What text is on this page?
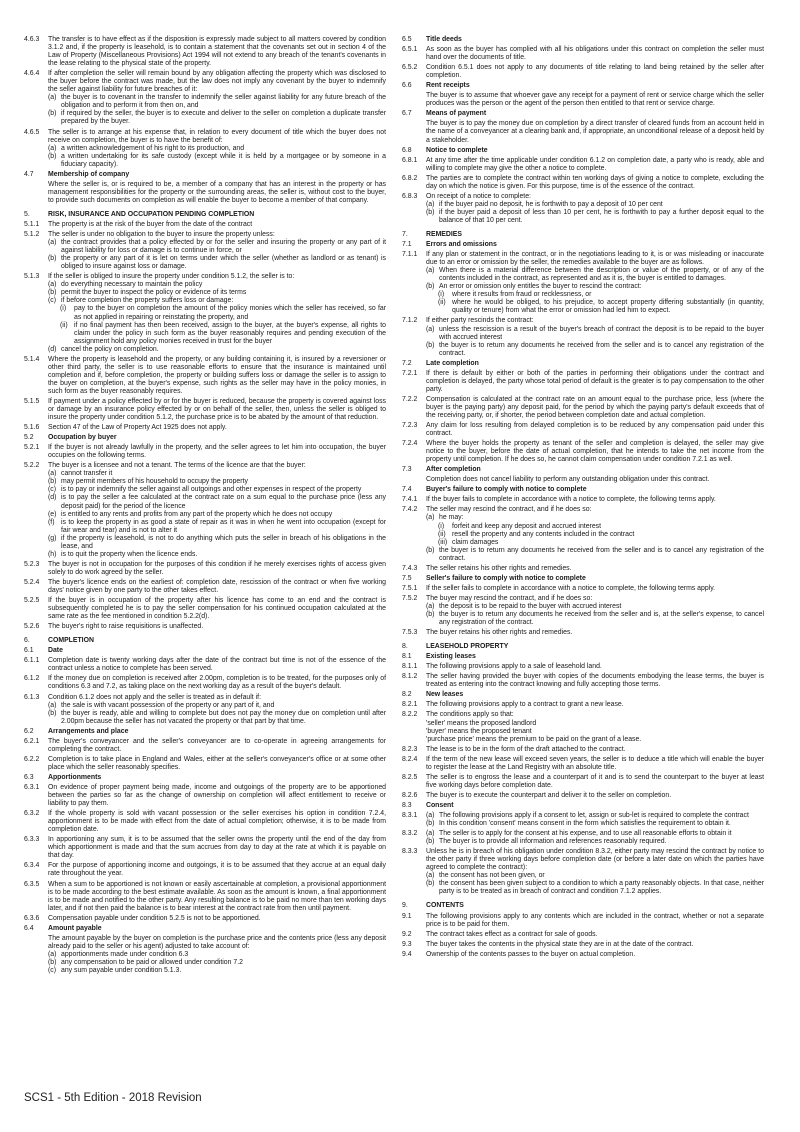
4.6.3	The transfer is to have effect as if the disposition is expressly made subject to all matters covered by condition 3.1.2 and, if the property is leasehold, is to contain a statement that the covenants set out in section 4 of the Law of Property (Miscellaneous Provisions) Act 1994 will not extend to any breach of the tenant's covenants in the lease relating to the physical state of the property.
4.6.4	If after completion the seller will remain bound by any obligation affecting the property which was disclosed to the buyer before the contract was made, but the law does not imply any covenant by the buyer to indemnify the seller against liability for future breaches of it:
(a) the buyer is to covenant in the transfer to indemnify the seller against liability for any future breach of the obligation and to perform it from then on, and
(b) if required by the seller, the buyer is to execute and deliver to the seller on completion a duplicate transfer prepared by the buyer.
4.6.5	The seller is to arrange at his expense that, in relation to every document of title which the buyer does not receive on completion, the buyer is to have the benefit of:
(a) a written acknowledgement of his right to its production, and
(b) a written undertaking for its safe custody (except while it is held by a mortgagee or by someone in a fiduciary capacity).
4.7	Membership of company
Where the seller is, or is required to be, a member of a company that has an interest in the property or has management responsibilities for the property or the surrounding areas, the seller is, without cost to the buyer, to provide such documents on completion as will enable the buyer to become a member of that company.
5.	RISK, INSURANCE AND OCCUPATION PENDING COMPLETION
5.1.1	The property is at the risk of the buyer from the date of the contract
5.1.2	The seller is under no obligation to the buyer to insure the property unless:
(a) the contract provides that a policy effected by or for the seller and insuring the property or any part of it against liability for loss or damage is to continue in force, or
(b) the property or any part of it is let on terms under which the seller (whether as landlord or as tenant) is obliged to insure against loss or damage.
5.1.3	If the seller is obliged to insure the property under condition 5.1.2, the seller is to:
(a) do everything necessary to maintain the policy
(b) permit the buyer to inspect the policy or evidence of its terms
(c) if before completion the property suffers loss or damage:
(i)	pay to the buyer on completion the amount of the policy monies which the seller has received, so far as not applied in repairing or reinstating the property, and
(ii) if no final payment has then been received, assign to the buyer, at the buyer's expense, all rights to claim under the policy in such form as the buyer reasonably requires and pending execution of the assignment hold any policy monies received in trust for the buyer
(d) cancel the policy on completion.
5.1.4	Where the property is leasehold and the property, or any building containing it, is insured by a reversioner or other third party, the seller is to use reasonable efforts to ensure that the insurance is maintained until completion and if, before completion, the property or building suffers loss or damage the seller is to assign to the buyer on completion, at the buyer's expense, such rights as the seller may have in the policy monies, in such form as the buyer reasonably requires.
5.1.5	If payment under a policy effected by or for the buyer is reduced, because the property is covered against loss or damage by an insurance policy effected by or on behalf of the seller, then, unless the seller is obliged to insure the property under condition 5.1.2, the purchase price is to be abated by the amount of that reduction.
5.1.6	Section 47 of the Law of Property Act 1925 does not apply.
5.2	Occupation by buyer
5.2.1	If the buyer is not already lawfully in the property, and the seller agrees to let him into occupation, the buyer occupies on the following terms.
5.2.2	The buyer is a licensee and not a tenant. The terms of the licence are that the buyer:
(a) cannot transfer it
(b) may permit members of his household to occupy the property
(c) is to pay or indemnify the seller against all outgoings and other expenses in respect of the property
(d) is to pay the seller a fee calculated at the contract rate on a sum equal to the purchase price (less any deposit paid) for the period of the licence
(e) is entitled to any rents and profits from any part of the property which he does not occupy
(f) is to keep the property in as good a state of repair as it was in when he went into occupation (except for fair wear and tear) and is not to alter it
(g) if the property is leasehold, is not to do anything which puts the seller in breach of his obligations in the lease, and
(h) is to quit the property when the licence ends.
5.2.3	The buyer is not in occupation for the purposes of this condition if he merely exercises rights of access given solely to do work agreed by the seller.
5.2.4	The buyer's licence ends on the earliest of: completion date, rescission of the contract or when five working days' notice given by one party to the other takes effect.
5.2.5	If the buyer is in occupation of the property after his licence has come to an end and the contract is subsequently completed he is to pay the seller compensation for his continued occupation calculated at the same rate as the fee mentioned in condition 5.2.2(d).
5.2.6	The buyer's right to raise requisitions is unaffected.
6.	COMPLETION
6.1	Date
6.1.1	Completion date is twenty working days after the date of the contract but time is not of the essence of the contract unless a notice to complete has been served.
6.1.2	If the money due on completion is received after 2.00pm, completion is to be treated, for the purposes only of conditions 6.3 and 7.2, as taking place on the next working day as a result of the buyer's default.
6.1.3	Condition 6.1.2 does not apply and the seller is treated as in default if:
(a) the sale is with vacant possession of the property or any part of it, and
(b) the buyer is ready, able and willing to complete but does not pay the money due on completion until after 2.00pm because the seller has not vacated the property or that part by that time.
6.2	Arrangements and place
6.2.1	The buyer's conveyancer and the seller's conveyancer are to co-operate in agreeing arrangements for completing the contract.
6.2.2	Completion is to take place in England and Wales, either at the seller's conveyancer's office or at some other place which the seller reasonably specifies.
6.3	Apportionments
6.3.1	On evidence of proper payment being made, income and outgoings of the property are to be apportioned between the parties so far as the change of ownership on completion will affect entitlement to receive or liability to pay them.
6.3.2	If the whole property is sold with vacant possession or the seller exercises his option in condition 7.2.4, apportionment is to be made with effect from the date of actual completion; otherwise, it is to be made from completion date.
6.3.3	In apportioning any sum, it is to be assumed that the seller owns the property until the end of the day from which apportionment is made and that the sum accrues from day to day at the rate at which it is payable on that day.
6.3.4	For the purpose of apportioning income and outgoings, it is to be assumed that they accrue at an equal daily rate throughout the year.
6.3.5	When a sum to be apportioned is not known or easily ascertainable at completion, a provisional apportionment is to be made according to the best estimate available. As soon as the amount is known, a final apportionment is to be made and notified to the other party. Any resulting balance is to be paid no more than ten working days later, and if not then paid the balance is to bear interest at the contract rate from then until payment.
6.3.6	Compensation payable under condition 5.2.5 is not to be apportioned.
6.4	Amount payable
The amount payable by the buyer on completion is the purchase price and the contents price (less any deposit already paid to the seller or his agent) adjusted to take account of:
(a) apportionments made under condition 6.3
(b) any compensation to be paid or allowed under condition 7.2
(c) any sum payable under condition 5.1.3.
6.5	Title deeds
6.5.1	As soon as the buyer has complied with all his obligations under this contract on completion the seller must hand over the documents of title.
6.5.2	Condition 6.5.1 does not apply to any documents of title relating to land being retained by the seller after completion.
6.6	Rent receipts
The buyer is to assume that whoever gave any receipt for a payment of rent or service charge which the seller produces was the person or the agent of the person then entitled to that rent or service charge.
6.7	Means of payment
The buyer is to pay the money due on completion by a direct transfer of cleared funds from an account held in the name of a conveyancer at a clearing bank and, if appropriate, an unconditional release of a deposit held by a stakeholder.
6.8	Notice to complete
6.8.1	At any time after the time applicable under condition 6.1.2 on completion date, a party who is ready, able and willing to complete may give the other a notice to complete.
6.8.2	The parties are to complete the contract within ten working days of giving a notice to complete, excluding the day on which the notice is given. For this purpose, time is of the essence of the contract.
6.8.3	On receipt of a notice to complete:
(a) if the buyer paid no deposit, he is forthwith to pay a deposit of 10 per cent
(b) if the buyer paid a deposit of less than 10 per cent, he is forthwith to pay a further deposit equal to the balance of that 10 per cent.
7.	REMEDIES
7.1	Errors and omissions
7.1.1	If any plan or statement in the contract, or in the negotiations leading to it, is or was misleading or inaccurate due to an error or omission by the seller, the remedies available to the buyer are as follows.
(a) When there is a material difference between the description or value of the property, or of any of the contents included in the contract, as represented and as it is, the buyer is entitled to damages.
(b) An error or omission only entitles the buyer to rescind the contract:
(i)	where it results from fraud or recklessness, or
(ii) where he would be obliged, to his prejudice, to accept property differing substantially (in quantity, quality or tenure) from what the error or omission had led him to expect.
7.1.2	If either party rescinds the contract:
(a) unless the rescission is a result of the buyer's breach of contract the deposit is to be repaid to the buyer with accrued interest
(b) the buyer is to return any documents he received from the seller and is to cancel any registration of the contract.
7.2	Late completion
7.2.1	If there is default by either or both of the parties in performing their obligations under the contract and completion is delayed, the party whose total period of default is the greater is to pay compensation to the other party.
7.2.2	Compensation is calculated at the contract rate on an amount equal to the purchase price, less (where the buyer is the paying party) any deposit paid, for the period by which the paying party's default exceeds that of the receiving party, or, if shorter, the period between completion date and actual completion.
7.2.3	Any claim for loss resulting from delayed completion is to be reduced by any compensation paid under this contract.
7.2.4	Where the buyer holds the property as tenant of the seller and completion is delayed, the seller may give notice to the buyer, before the date of actual completion, that he intends to take the net income from the property until completion. If he does so, he cannot claim compensation under condition 7.2.1 as well.
7.3	After completion
Completion does not cancel liability to perform any outstanding obligation under this contract.
7.4	Buyer's failure to comply with notice to complete
7.4.1	If the buyer fails to complete in accordance with a notice to complete, the following terms apply.
7.4.2	The seller may rescind the contract, and if he does so:
(a) he may:
(i)	forfeit and keep any deposit and accrued interest
(ii) resell the property and any contents included in the contract
(iii) claim damages
(b) the buyer is to return any documents he received from the seller and is to cancel any registration of the contract.
7.4.3	The seller retains his other rights and remedies.
7.5	Seller's failure to comply with notice to complete
7.5.1	If the seller fails to complete in accordance with a notice to complete, the following terms apply.
7.5.2	The buyer may rescind the contract, and if he does so:
(a) the deposit is to be repaid to the buyer with accrued interest
(b) the buyer is to return any documents he received from the seller and is, at the seller's expense, to cancel any registration of the contract.
7.5.3	The buyer retains his other rights and remedies.
8.	LEASEHOLD PROPERTY
8.1	Existing leases
8.1.1	The following provisions apply to a sale of leasehold land.
8.1.2	The seller having provided the buyer with copies of the documents embodying the lease terms, the buyer is treated as entering into the contract knowing and fully accepting those terms.
8.2	New leases
8.2.1	The following provisions apply to a contract to grant a new lease.
8.2.2	The conditions apply so that:
'seller' means the proposed landlord
'buyer' means the proposed tenant
'purchase price' means the premium to be paid on the grant of a lease.
8.2.3	The lease is to be in the form of the draft attached to the contract.
8.2.4	If the term of the new lease will exceed seven years, the seller is to deduce a title which will enable the buyer to register the lease at the Land Registry with an absolute title.
8.2.5	The seller is to engross the lease and a counterpart of it and is to send the counterpart to the buyer at least five working days before completion date.
8.2.6	The buyer is to execute the counterpart and deliver it to the seller on completion.
8.3	Consent
8.3.1	(a) The following provisions apply if a consent to let, assign or sub-let is required to complete the contract
(b) In this condition 'consent' means consent in the form which satisfies the requirement to obtain it.
8.3.2	(a) The seller is to apply for the consent at his expense, and to use all reasonable efforts to obtain it
(b) The buyer is to provide all information and references reasonably required.
8.3.3	Unless he is in breach of his obligation under condition 8.3.2, either party may rescind the contract by notice to the other party if three working days before completion date (or before a later date on which the parties have agreed to complete the contract):
(a) the consent has not been given, or
(b) the consent has been given subject to a condition to which a party reasonably objects. In that case, neither party is to be treated as in breach of contract and condition 7.1.2 applies.
9.	CONTENTS
9.1	The following provisions apply to any contents which are included in the contract, whether or not a separate price is to be paid for them.
9.2	The contract takes effect as a contract for sale of goods.
9.3	The buyer takes the contents in the physical state they are in at the date of the contract.
9.4	Ownership of the contents passes to the buyer on actual completion.
SCS1 - 5th Edition - 2018 Revision
